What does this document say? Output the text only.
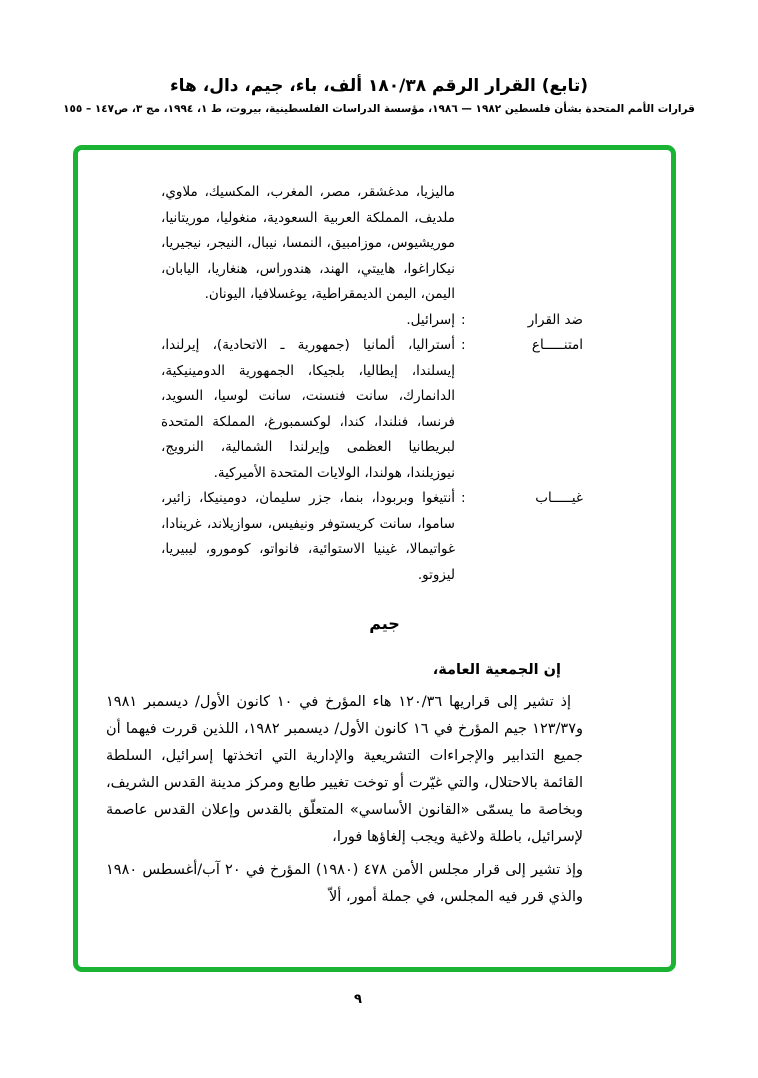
(تابع) القرار الرقم ١٨٠/٣٨ ألف، باء، جيم، دال، هاء
قرارات الأمم المتحدة بشأن فلسطين ١٩٨٢ — ١٩٨٦، مؤسسة الدراسات الفلسطينية، بيروت، ط ١، ١٩٩٤، مج ٣، ص١٤٧ – ١٥٥
ماليزيا، مدغشقر، مصر، المغرب، المكسيك، ملاوي، ملديف، المملكة العربية السعودية، منغوليا، موريتانيا، موريشيوس، موزامبيق، النمسا، نيبال، النيجر، نيجيريا، نيكاراغوا، هاييتي، الهند، هندوراس، هنغاريا، اليابان، اليمن، اليمن الديمقراطية، يوغسلافيا، اليونان.
ضد القرار
:
إسرائيل.
امتنـــــاع
:
أستراليا، ألمانيا (جمهورية ـ الاتحادية)، إيرلندا، إيسلندا، إيطاليا، بلجيكا، الجمهورية الدومينيكية، الدانمارك، سانت فنسنت، سانت لوسيا، السويد، فرنسا، فنلندا، كندا، لوكسمبورغ، المملكة المتحدة لبريطانيا العظمى وإيرلندا الشمالية، النرويج، نيوزيلندا، هولندا، الولايات المتحدة الأميركية.
غيـــــاب
:
أنتيغوا وبربودا، بنما، جزر سليمان، دومينيكا، زائير، ساموا، سانت كريستوفر ونيفيس، سوازيلاند، غرينادا، غواتيمالا، غينيا الاستوائية، فانواتو، كومورو، ليبيريا، ليزوتو.
جيم
إن الجمعية العامة،

إذ تشير إلى قراريها ١٢٠/٣٦ هاء المؤرخ في ١٠ كانون الأول/ ديسمبر ١٩٨١ و١٢٣/٣٧ جيم المؤرخ في ١٦ كانون الأول/ ديسمبر ١٩٨٢، اللذين قررت فيهما أن جميع التدابير والإجراءات التشريعية والإدارية التي اتخذتها إسرائيل، السلطة القائمة بالاحتلال، والتي غيّرت أو توخت تغيير طابع ومركز مدينة القدس الشريف، وبخاصة ما يسمّى «القانون الأساسي» المتعلّق بالقدس وإعلان القدس عاصمة لإسرائيل، باطلة ولاغية ويجب إلغاؤها فورا،

وإذ تشير إلى قرار مجلس الأمن ٤٧٨ (١٩٨٠) المؤرخ في ٢٠ آب/أغسطس ١٩٨٠ والذي قرر فيه المجلس، في جملة أمور، ألاّ

٩
